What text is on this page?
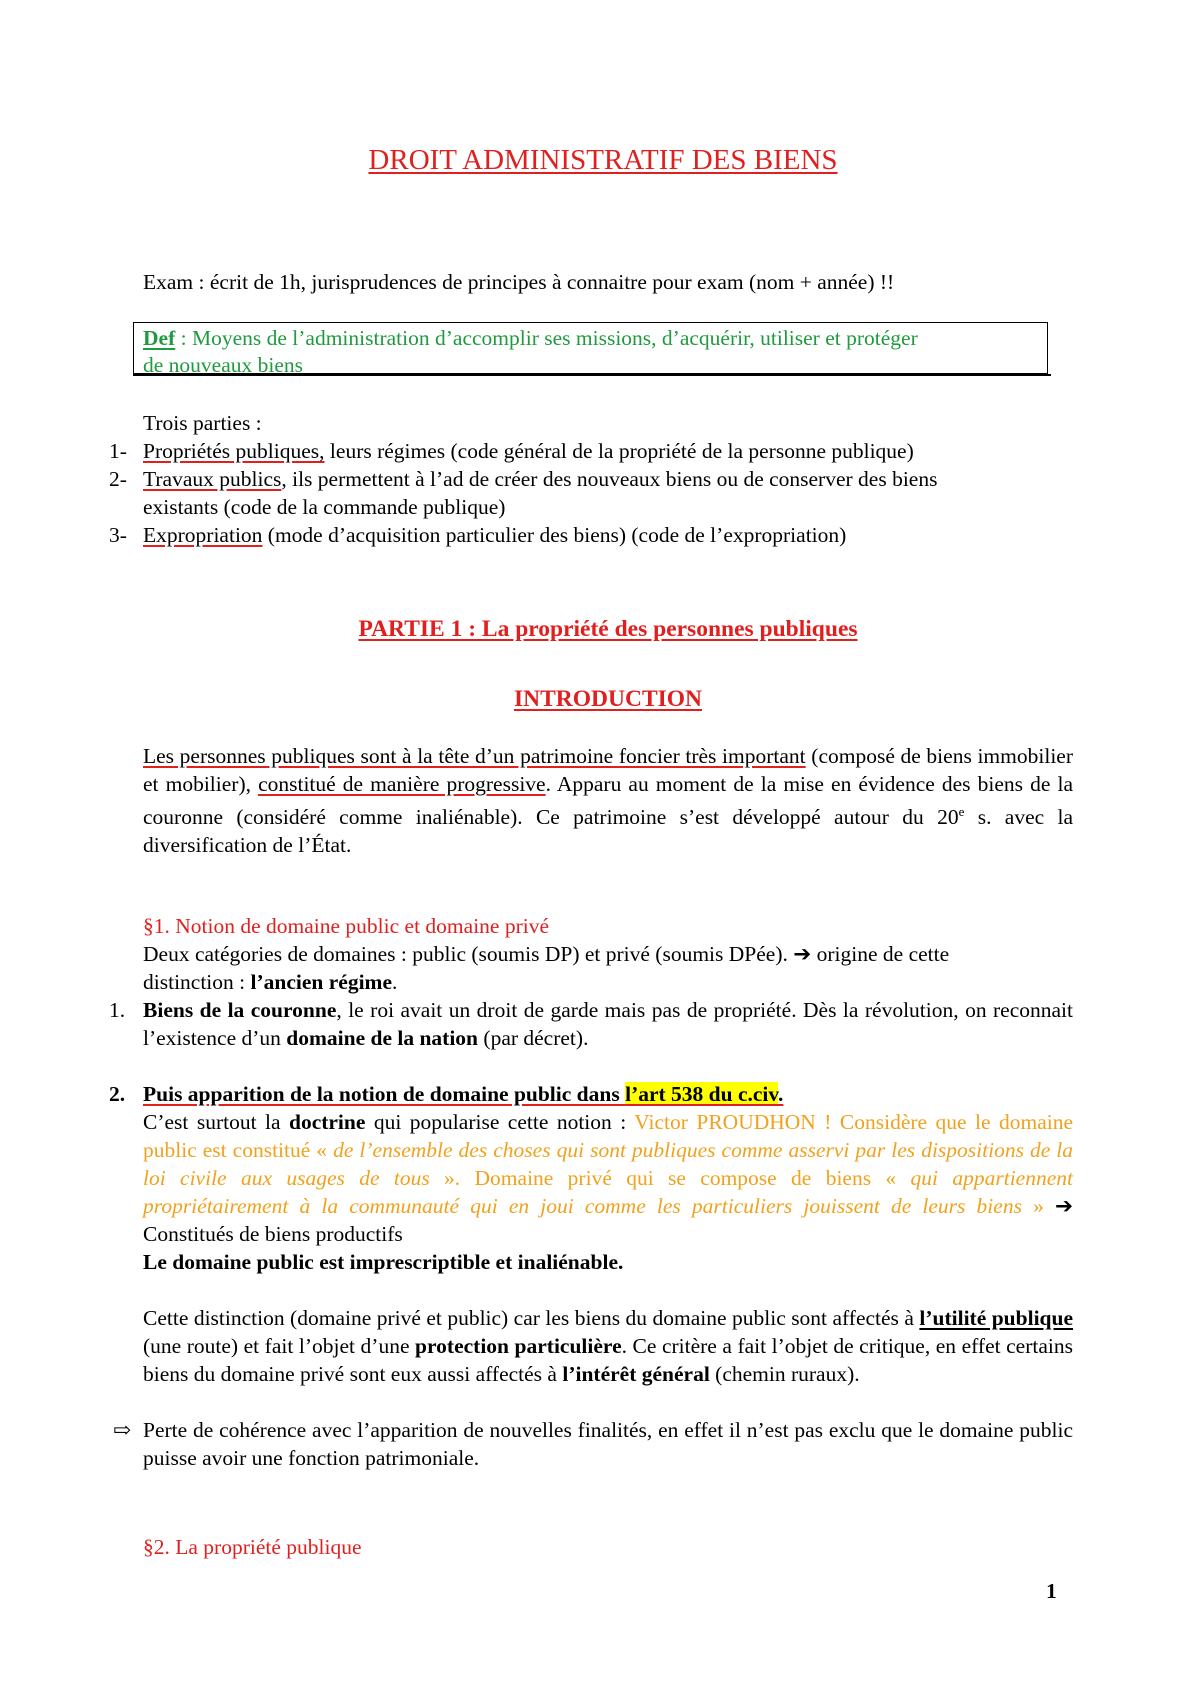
DROIT ADMINISTRATIF DES BIENS
Exam : écrit de 1h, jurisprudences de principes à connaitre pour exam (nom + année) !!
Def : Moyens de l’administration d’accomplir ses missions, d’acquérir, utiliser et protéger
de nouveaux biens
Trois parties :
1- Propriétés publiques, leurs régimes (code général de la propriété de la personne publique)
2- Travaux publics, ils permettent à l’ad de créer des nouveaux biens ou de conserver des biens
existants (code de la commande publique)
3- Expropriation (mode d’acquisition particulier des biens) (code de l’expropriation)
PARTIE 1 : La propriété des personnes publiques
INTRODUCTION
Les personnes publiques sont à la tête d’un patrimoine foncier très important (composé de biens immobilier et mobilier), constitué de manière progressive. Apparu au moment de la mise en évidence des biens de la couronne (considéré comme inaliénable). Ce patrimoine s’est développé autour du 20e s. avec la diversification de l’État.
§1. Notion de domaine public et domaine privé
Deux catégories de domaines : public (soumis DP) et privé (soumis DPée). ➔ origine de cette
distinction : l’ancien régime.
1. Biens de la couronne, le roi avait un droit de garde mais pas de propriété. Dès la révolution, on reconnait l’existence d’un domaine de la nation (par décret).
2. Puis apparition de la notion de domaine public dans l’art 538 du c.civ.
C’est surtout la doctrine qui popularise cette notion : Victor PROUDHON ! Considère que le domaine public est constitué « de l’ensemble des choses qui sont publiques comme asservi par les dispositions de la loi civile aux usages de tous ». Domaine privé qui se compose de biens « qui appartiennent propriétairement à la communauté qui en joui comme les particuliers jouissent de leurs biens » ➔ Constitués de biens productifs
Le domaine public est imprescriptible et inaliénable.
Cette distinction (domaine privé et public) car les biens du domaine public sont affectés à l’utilité publique (une route) et fait l’objet d’une protection particulière. Ce critère a fait l’objet de critique, en effet certains biens du domaine privé sont eux aussi affectés à l’intérêt général (chemin ruraux).
⇨ Perte de cohérence avec l’apparition de nouvelles finalités, en effet il n’est pas exclu que le domaine public puisse avoir une fonction patrimoniale.
§2. La propriété publique
1
